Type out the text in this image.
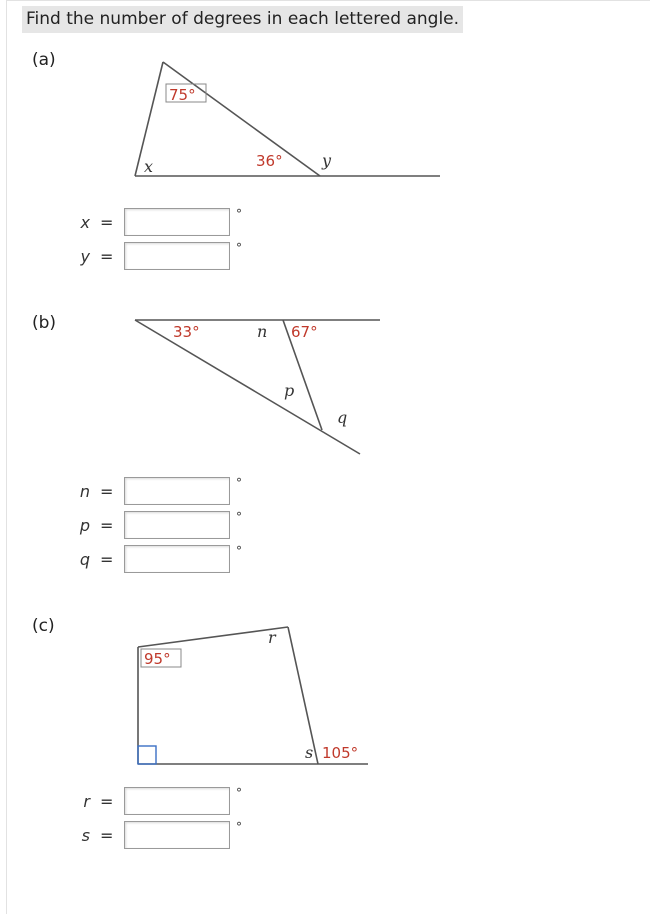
Find the number of degrees in each lettered angle.
(a)
(b)
(c)
75°
36°
x	y
33°	67°
n
p
q
95°
105°
r
s
x =	°
y =	°
n =	°
p =	°
q =	°
r =	°
s =	°
